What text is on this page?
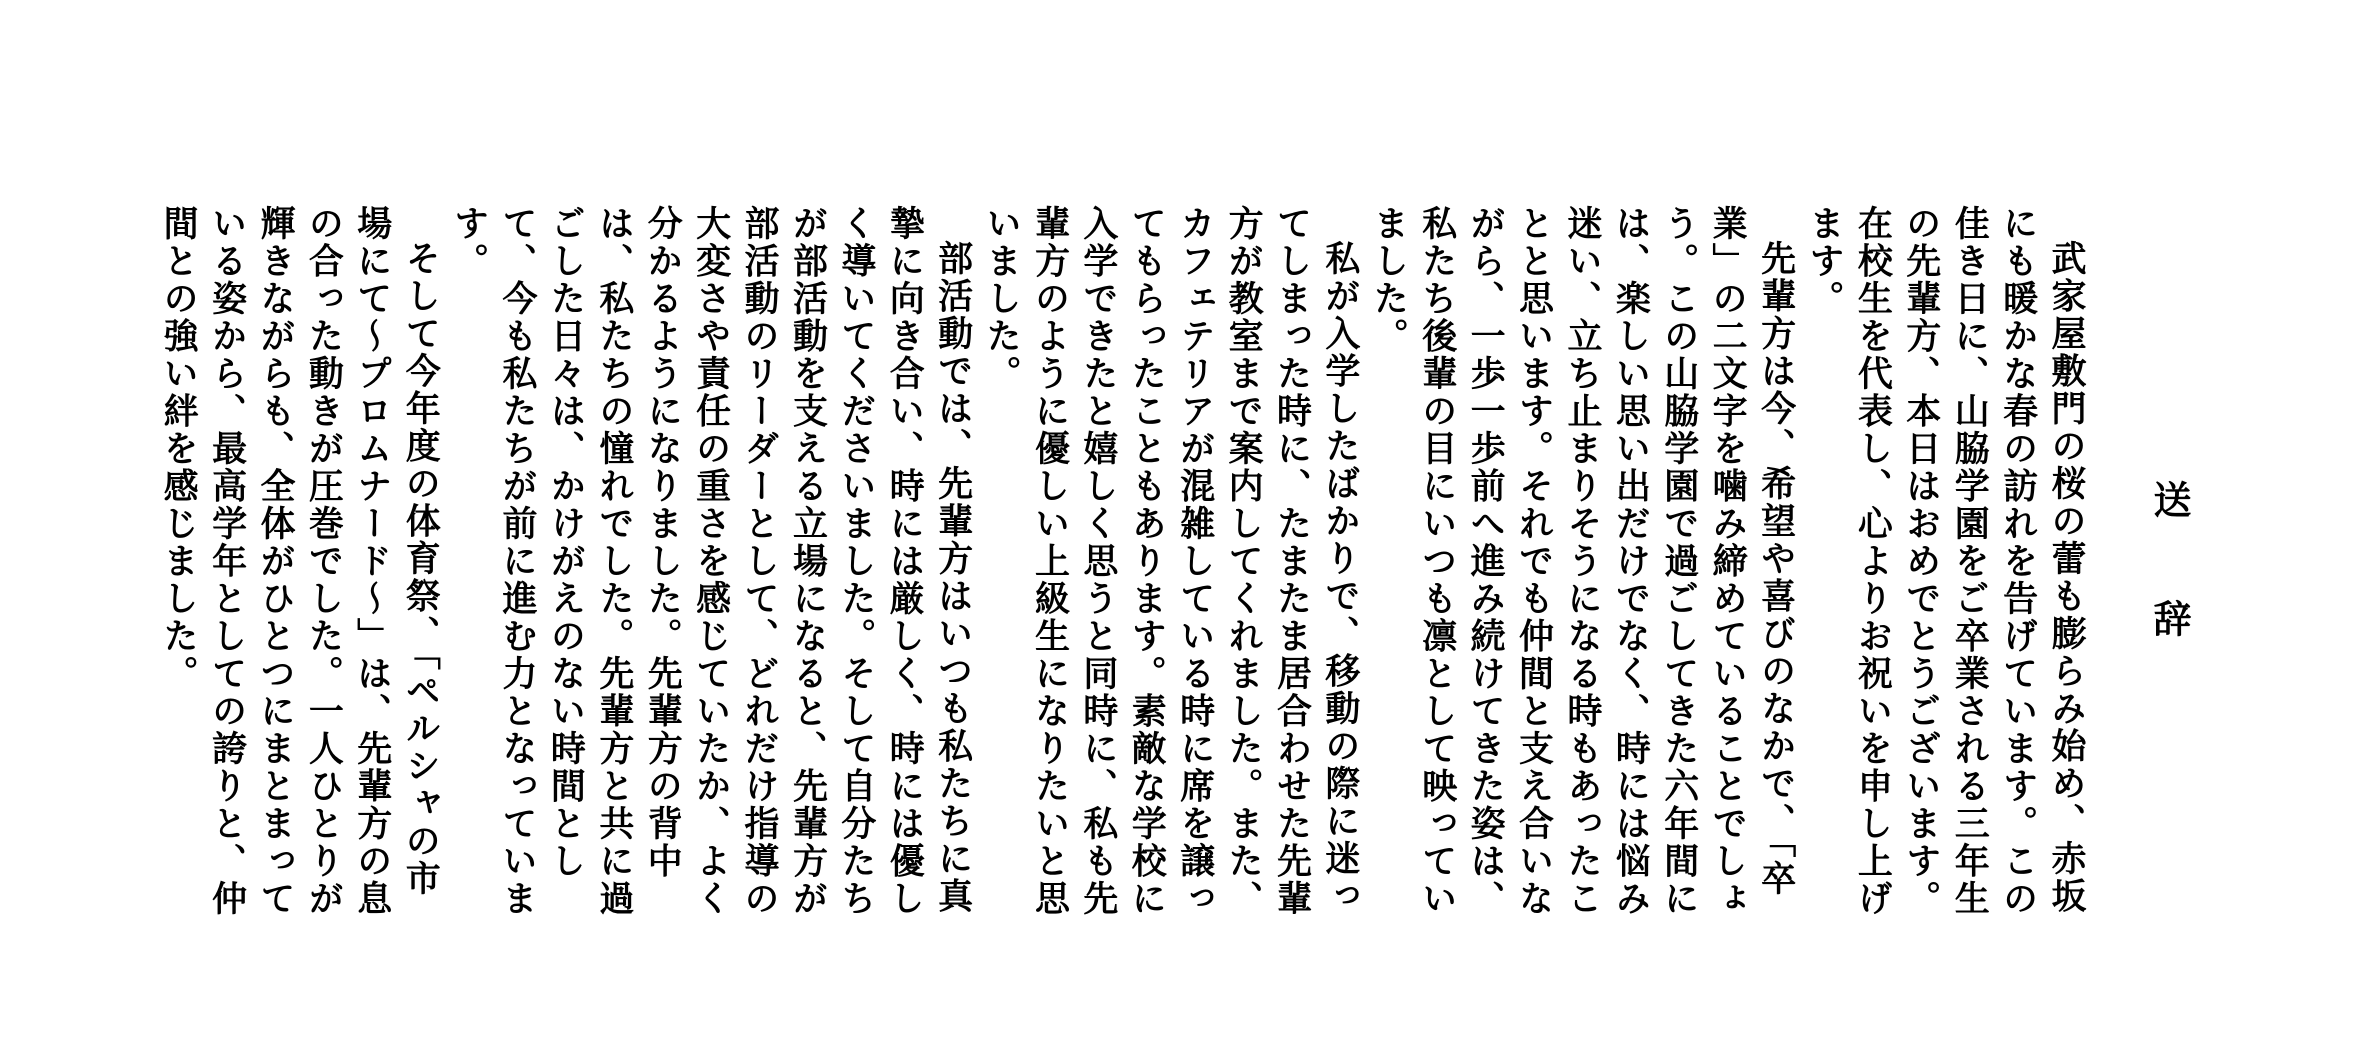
送 辞

武家屋敷門の桜の蕾も膨らみ始め、赤坂にも暖かな春の訪れを告げています。この佳き日に、山脇学園をご卒業される三年生の先輩方、本日はおめでとうございます。在校生を代表し、心よりお祝いを申し上げます。

先輩方は今、希望や喜びのなかで、「卒業」の二文字を噛み締めていることでしょう。この山脇学園で過ごしてきた六年間には、楽しい思い出だけでなく、時には悩み迷い、立ち止まりそうになる時もあったことと思います。それでも仲間と支え合いながら、一歩一歩前へ進み続けてきた姿は、私たち後輩の目にいつも凛として映っていました。

私が入学したばかりで、移動の際に迷ってしまった時に、たまたま居合わせた先輩方が教室まで案内してくれました。また、カフェテリアが混雑している時に席を譲ってもらったこともあります。素敵な学校に入学できたと嬉しく思うと同時に、私も先輩方のように優しい上級生になりたいと思いました。

部活動では、先輩方はいつも私たちに真摯に向き合い、時には厳しく、時には優しく導いてくださいました。そして自分たちが部活動を支える立場になると、先輩方が部活動のリーダーとして、どれだけ指導の大変さや責任の重さを感じていたか、よく分かるようになりました。先輩方の背中は、私たちの憧れでした。先輩方と共に過ごした日々は、かけがえのない時間として、今も私たちが前に進む力となっています。

そして今年度の体育祭、「ペルシャの市場にて～プロムナード～」は、先輩方の息の合った動きが圧巻でした。一人ひとりが輝きながらも、全体がひとつにまとまっている姿から、最高学年としての誇りと、仲間との強い絆を感じました。
